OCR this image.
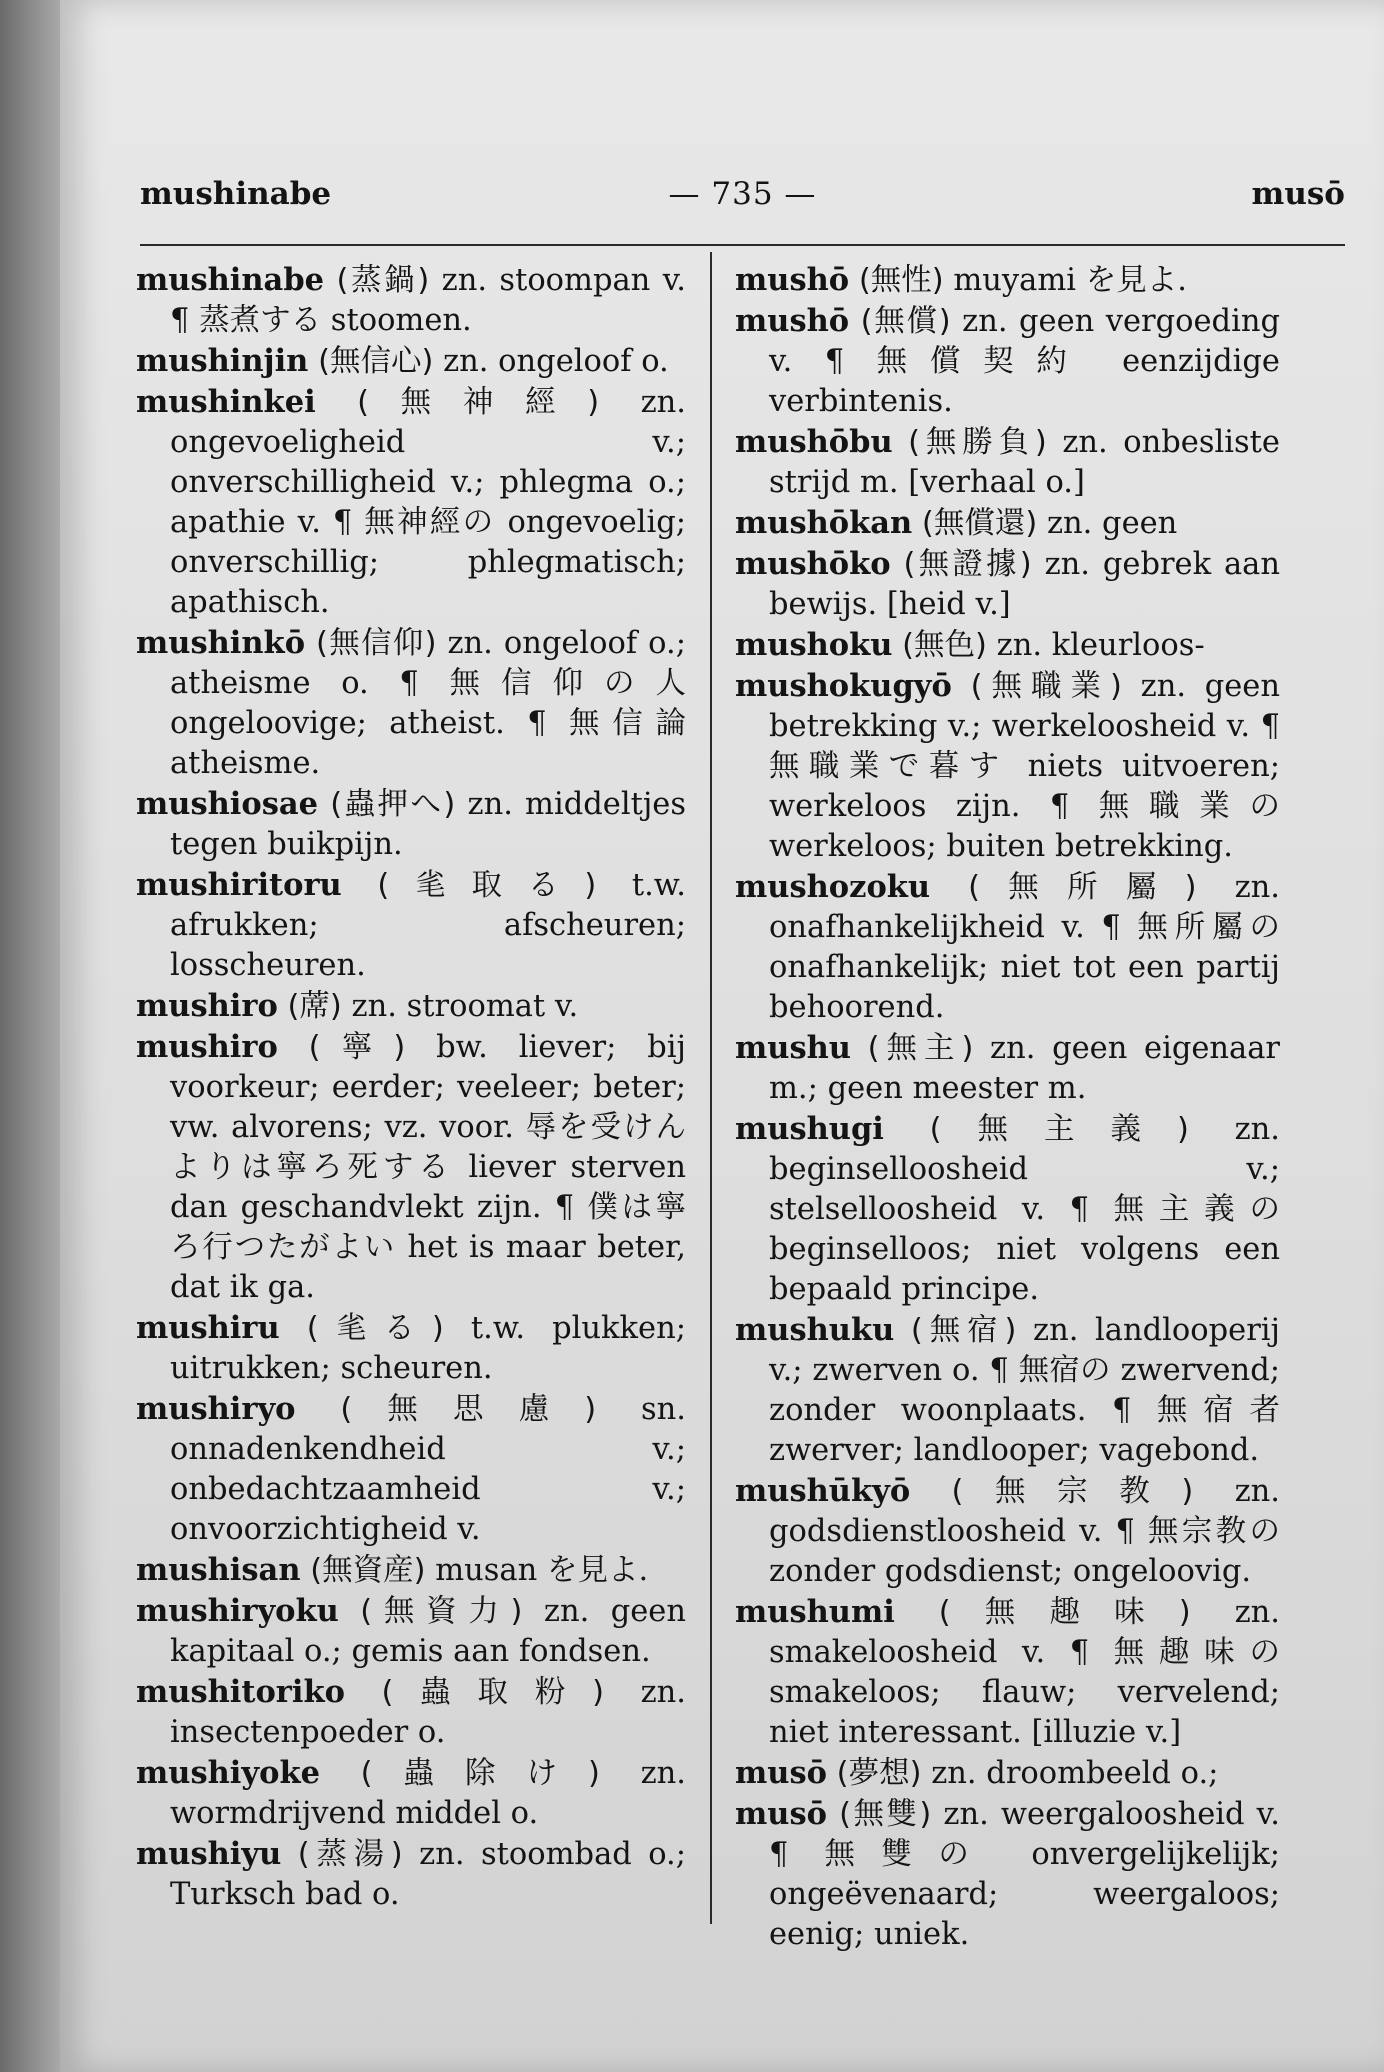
mushinabe	— 735 —	musō

mushinabe (蒸鍋) zn. stoompan v. ¶ 蒸煮する stoomen.

mushinjin (無信心) zn. ongeloof o.

mushinkei (無神經) zn. ongevoeligheid v.; onverschilligheid v.; phlegma o.; apathie v. ¶ 無神經の ongevoelig; onverschillig; phlegmatisch; apathisch.

mushinkō (無信仰) zn. ongeloof o.; atheisme o. ¶ 無信仰の人 ongeloovige; atheist. ¶ 無信論 atheisme.

mushiosae (蟲押へ) zn. middeltjes tegen buikpijn.

mushiritoru (毟取る) t.w. afrukken; afscheuren; losscheuren.

mushiro (蓆) zn. stroomat v.

mushiro (寧) bw. liever; bij voorkeur; eerder; veeleer; beter; vw. alvorens; vz. voor. 辱を受けんよりは寧ろ死する liever sterven dan geschandvlekt zijn. ¶ 僕は寧ろ行つたがよい het is maar beter, dat ik ga.

mushiru (毟る) t.w. plukken; uitrukken; scheuren.

mushiryo (無思慮) sn. onnadenkendheid v.; onbedachtzaamheid v.; onvoorzichtigheid v.

mushisan (無資産) musan を見よ.

mushiryoku (無資力) zn. geen kapitaal o.; gemis aan fondsen.

mushitoriko (蟲取粉) zn. insectenpoeder o.

mushiyoke (蟲除け) zn. wormdrijvend middel o.

mushiyu (蒸湯) zn. stoombad o.; Turksch bad o.

mushō (無性) muyami を見よ.

mushō (無償) zn. geen vergoeding v. ¶ 無償契約 eenzijdige verbintenis.

mushōbu (無勝負) zn. onbesliste strijd m. [verhaal o.]

mushōkan (無償還) zn. geen

mushōko (無證據) zn. gebrek aan bewijs. [heid v.]

mushoku (無色) zn. kleurloos-

mushokugyō (無職業) zn. geen betrekking v.; werkeloosheid v. ¶ 無職業で暮す niets uitvoeren; werkeloos zijn. ¶ 無職業の werkeloos; buiten betrekking.

mushozoku (無所屬) zn. onafhankelijkheid v. ¶ 無所屬の onafhankelijk; niet tot een partij behoorend.

mushu (無主) zn. geen eigenaar m.; geen meester m.

mushugi (無主義) zn. beginselloosheid v.; stelselloosheid v. ¶ 無主義の beginselloos; niet volgens een bepaald principe.

mushuku (無宿) zn. landlooperij v.; zwerven o. ¶ 無宿の zwervend; zonder woonplaats. ¶ 無宿者 zwerver; landlooper; vagebond.

mushūkyō (無宗教) zn. godsdienstloosheid v. ¶ 無宗教の zonder godsdienst; ongeloovig.

mushumi (無趣味) zn. smakeloosheid v. ¶ 無趣味の smakeloos; flauw; vervelend; niet interessant. [illuzie v.]

musō (夢想) zn. droombeeld o.;

musō (無雙) zn. weergaloosheid v. ¶ 無雙の onvergelijkelijk; ongeëvenaard; weergaloos; eenig; uniek.
